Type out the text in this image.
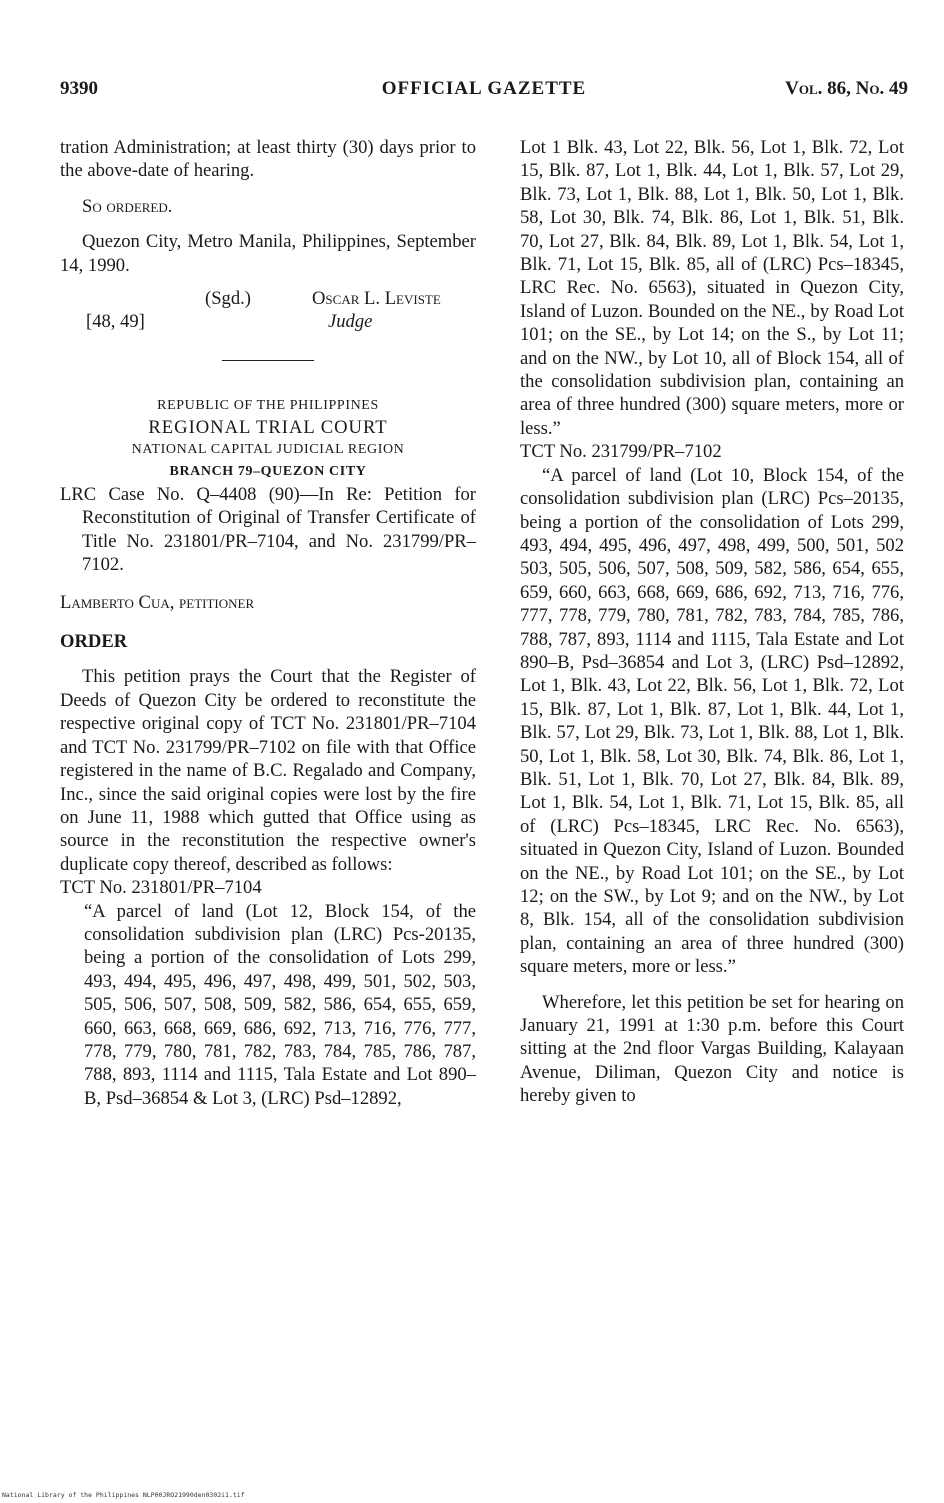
9390	OFFICIAL GAZETTE	Vol. 86, No. 49

tration Administration; at least thirty (30) days prior to the above-date of hearing.

So ordered.

Quezon City, Metro Manila, Philippines, September 14, 1990.

(Sgd.)	Oscar L. Leviste
Judge
[48, 49]
REPUBLIC OF THE PHILIPPINES
REGIONAL TRIAL COURT
NATIONAL CAPITAL JUDICIAL REGION
BRANCH 79–QUEZON CITY

LRC Case No. Q–4408 (90)—In Re: Petition for Reconstitution of Original of Transfer Certificate of Title No. 231801/PR–7104, and No. 231799/PR–7102.

Lamberto Cua, petitioner

ORDER

This petition prays the Court that the Register of Deeds of Quezon City be ordered to reconstitute the respective original copy of TCT No. 231801/PR–7104 and TCT No. 231799/PR–7102 on file with that Office registered in the name of B.C. Regalado and Company, Inc., since the said original copies were lost by the fire on June 11, 1988 which gutted that Office using as source in the reconstitution the respective owner's duplicate copy thereof, described as follows:

TCT No. 231801/PR–7104

“A parcel of land (Lot 12, Block 154, of the consolidation subdivision plan (LRC) Pcs-20135, being a portion of the consolidation of Lots 299, 493, 494, 495, 496, 497, 498, 499, 501, 502, 503, 505, 506, 507, 508, 509, 582, 586, 654, 655, 659, 660, 663, 668, 669, 686, 692, 713, 716, 776, 777, 778, 779, 780, 781, 782, 783, 784, 785, 786, 787, 788, 893, 1114 and 1115, Tala Estate and Lot 890–B, Psd–36854 & Lot 3, (LRC) Psd–12892,

Lot 1 Blk. 43, Lot 22, Blk. 56, Lot 1, Blk. 72, Lot 15, Blk. 87, Lot 1, Blk. 44, Lot 1, Blk. 57, Lot 29, Blk. 73, Lot 1, Blk. 88, Lot 1, Blk. 50, Lot 1, Blk. 58, Lot 30, Blk. 74, Blk. 86, Lot 1, Blk. 51, Blk. 70, Lot 27, Blk. 84, Blk. 89, Lot 1, Blk. 54, Lot 1, Blk. 71, Lot 15, Blk. 85, all of (LRC) Pcs–18345, LRC Rec. No. 6563), situated in Quezon City, Island of Luzon. Bounded on the NE., by Road Lot 101; on the SE., by Lot 14; on the S., by Lot 11; and on the NW., by Lot 10, all of Block 154, all of the consolidation subdivision plan, containing an area of three hundred (300) square meters, more or less.”

TCT No. 231799/PR–7102

“A parcel of land (Lot 10, Block 154, of the consolidation subdivision plan (LRC) Pcs–20135, being a portion of the consolidation of Lots 299, 493, 494, 495, 496, 497, 498, 499, 500, 501, 502 503, 505, 506, 507, 508, 509, 582, 586, 654, 655, 659, 660, 663, 668, 669, 686, 692, 713, 716, 776, 777, 778, 779, 780, 781, 782, 783, 784, 785, 786, 788, 787, 893, 1114 and 1115, Tala Estate and Lot 890–B, Psd–36854 and Lot 3, (LRC) Psd–12892, Lot 1, Blk. 43, Lot 22, Blk. 56, Lot 1, Blk. 72, Lot 15, Blk. 87, Lot 1, Blk. 87, Lot 1, Blk. 44, Lot 1, Blk. 57, Lot 29, Blk. 73, Lot 1, Blk. 88, Lot 1, Blk. 50, Lot 1, Blk. 58, Lot 30, Blk. 74, Blk. 86, Lot 1, Blk. 51, Lot 1, Blk. 70, Lot 27, Blk. 84, Blk. 89, Lot 1, Blk. 54, Lot 1, Blk. 71, Lot 15, Blk. 85, all of (LRC) Pcs–18345, LRC Rec. No. 6563), situated in Quezon City, Island of Luzon. Bounded on the NE., by Road Lot 101; on the SE., by Lot 12; on the SW., by Lot 9; and on the NW., by Lot 8, Blk. 154, all of the consolidation subdivision plan, containing an area of three hundred (300) square meters, more or less.”

Wherefore, let this petition be set for hearing on January 21, 1991 at 1:30 p.m. before this Court sitting at the 2nd floor Vargas Building, Kalayaan Avenue, Diliman, Quezon City and notice is hereby given to

National Library of the Philippines NLP00JRO21990den0302i1.tif
